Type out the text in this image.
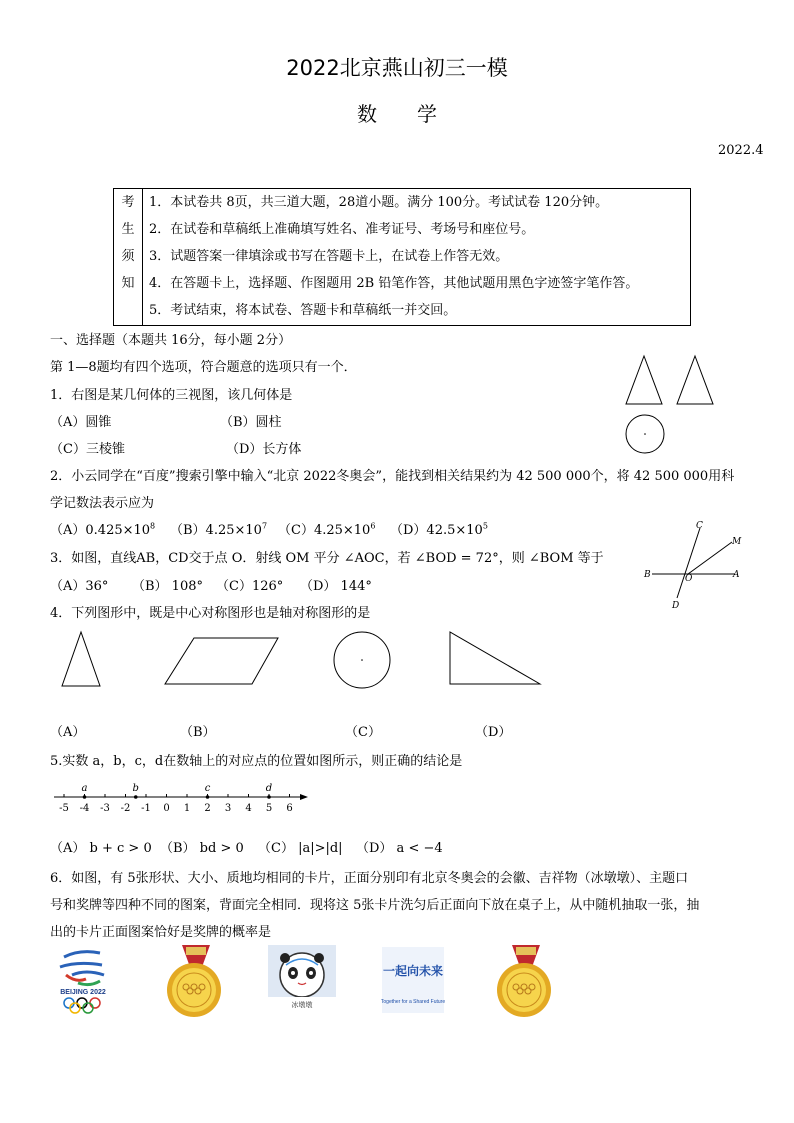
2022北京燕山初三一模
数　　学
2022.4
考
生
须
知

1．本试卷共 8页，共三道大题，28道小题。满分 100分。考试试卷 120分钟。
2．在试卷和草稿纸上准确填写姓名、准考证号、考场号和座位号。
3．试题答案一律填涂或书写在答题卡上，在试卷上作答无效。
4．在答题卡上，选择题、作图题用 2B 铅笔作答，其他试题用黑色字迹签字笔作答。
5．考试结束，将本试卷、答题卡和草稿纸一并交回。
一、选择题（本题共 16分，每小题 2分）
第 1—8题均有四个选项，符合题意的选项只有一个．
1．右图是某几何体的三视图，该几何体是
（A）圆锥	（B）圆柱
（C）三棱锥	（D）长方体
2．小云同学在“百度”搜索引擎中输入“北京 2022冬奥会”，能找到相关结果约为 42 500 000个，将 42 500 000用科
学记数法表示应为
$(A)0.425\times 10^8$ $(B)4.25\times 10^7$ $(C)4.25\times 10^6$ $(D)42.5\times 10^5$
3．如图，直线AB，CD交于点 O．射线 OM 平分 ∠AOC，若 ∠BOD = 72°，则 ∠BOM 等于
（A）36° （B） 108° （C）126° （D） 144°
C
M
B	O	A
D
4．下列图形中，既是中心对称图形也是轴对称图形的是
（A）	（B）	（C）	（D）
5.实数 a，b，c，d在数轴上的对应点的位置如图所示，则正确的结论是
-5 -4 -3 -2 -1 0 1 2 3 4 5 6
a	b	c	d
（A） b + c > 0 （B） bd > 0 （C） |a|>|d| （D） a < −4
6．如图，有 5张形状、大小、质地均相同的卡片，正面分别印有北京冬奥会的会徽、吉祥物（冰墩墩）、主题口
号和奖牌等四种不同的图案，背面完全相同．现将这 5张卡片洗匀后正面向下放在桌子上，从中随机抽取一张，抽
出的卡片正面图案恰好是奖牌的概率是
BEIJING 2022
冰墩墩
一起向未来
Together for a Shared Future
